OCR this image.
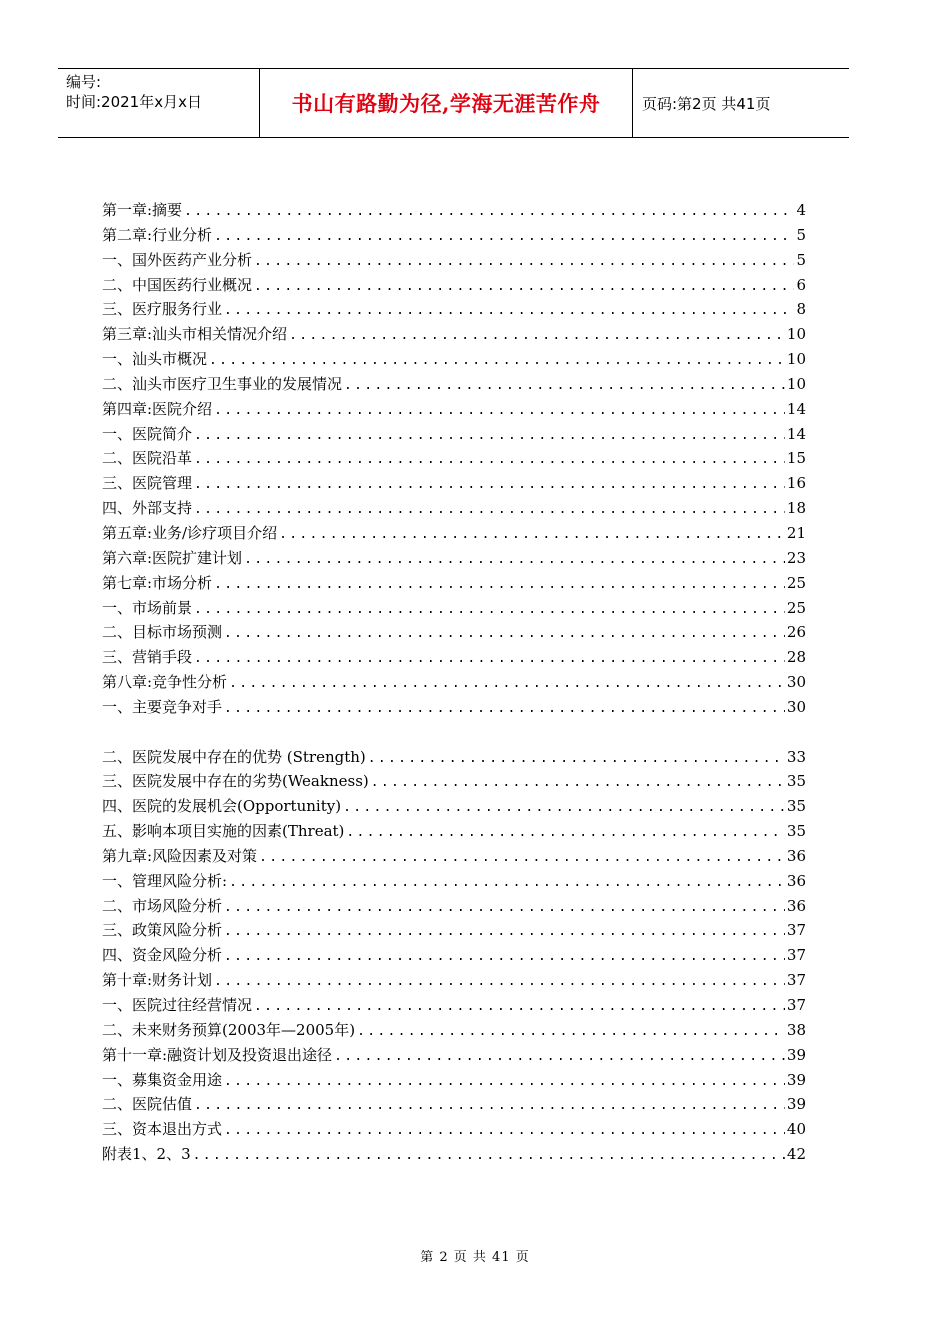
编号:
时间:2021年x月x日	书山有路勤为径,学海无涯苦作舟	页码:第2页 共41页
第一章:摘要 .....	4
第二章:行业分析 .....	5
一、国外医药产业分析 .....	5
二、中国医药行业概况 .....	6
三、医疗服务行业 .....	8
第三章:汕头市相关情况介绍 .....	10
一、汕头市概况 .....	10
二、汕头市医疗卫生事业的发展情况 .....	10
第四章:医院介绍 .....	14
一、医院简介 .....	14
二、医院沿革 .....	15
三、医院管理 .....	16
四、外部支持 .....	18
第五章:业务/诊疗项目介绍 .....	21
第六章:医院扩建计划 .....	23
第七章:市场分析 .....	25
一、市场前景 .....	25
二、目标市场预测 .....	26
三、营销手段 .....	28
第八章:竞争性分析 .....	30
一、主要竞争对手 .....	30
二、医院发展中存在的优势 (Strength) .....	33
三、医院发展中存在的劣势(Weakness) .....	35
四、医院的发展机会(Opportunity) .....	35
五、影响本项目实施的因素(Threat) .....	35
第九章:风险因素及对策 .....	36
一、管理风险分析: .....	36
二、市场风险分析 .....	36
三、政策风险分析 .....	37
四、资金风险分析 .....	37
第十章:财务计划 .....	37
一、医院过往经营情况 .....	37
二、未来财务预算(2003年—2005年) .....	38
第十一章:融资计划及投资退出途径 .....	39
一、募集资金用途 .....	39
二、医院估值 .....	39
三、资本退出方式 .....	40
附表1、2、3 .....	42
第 2 页 共 41 页
